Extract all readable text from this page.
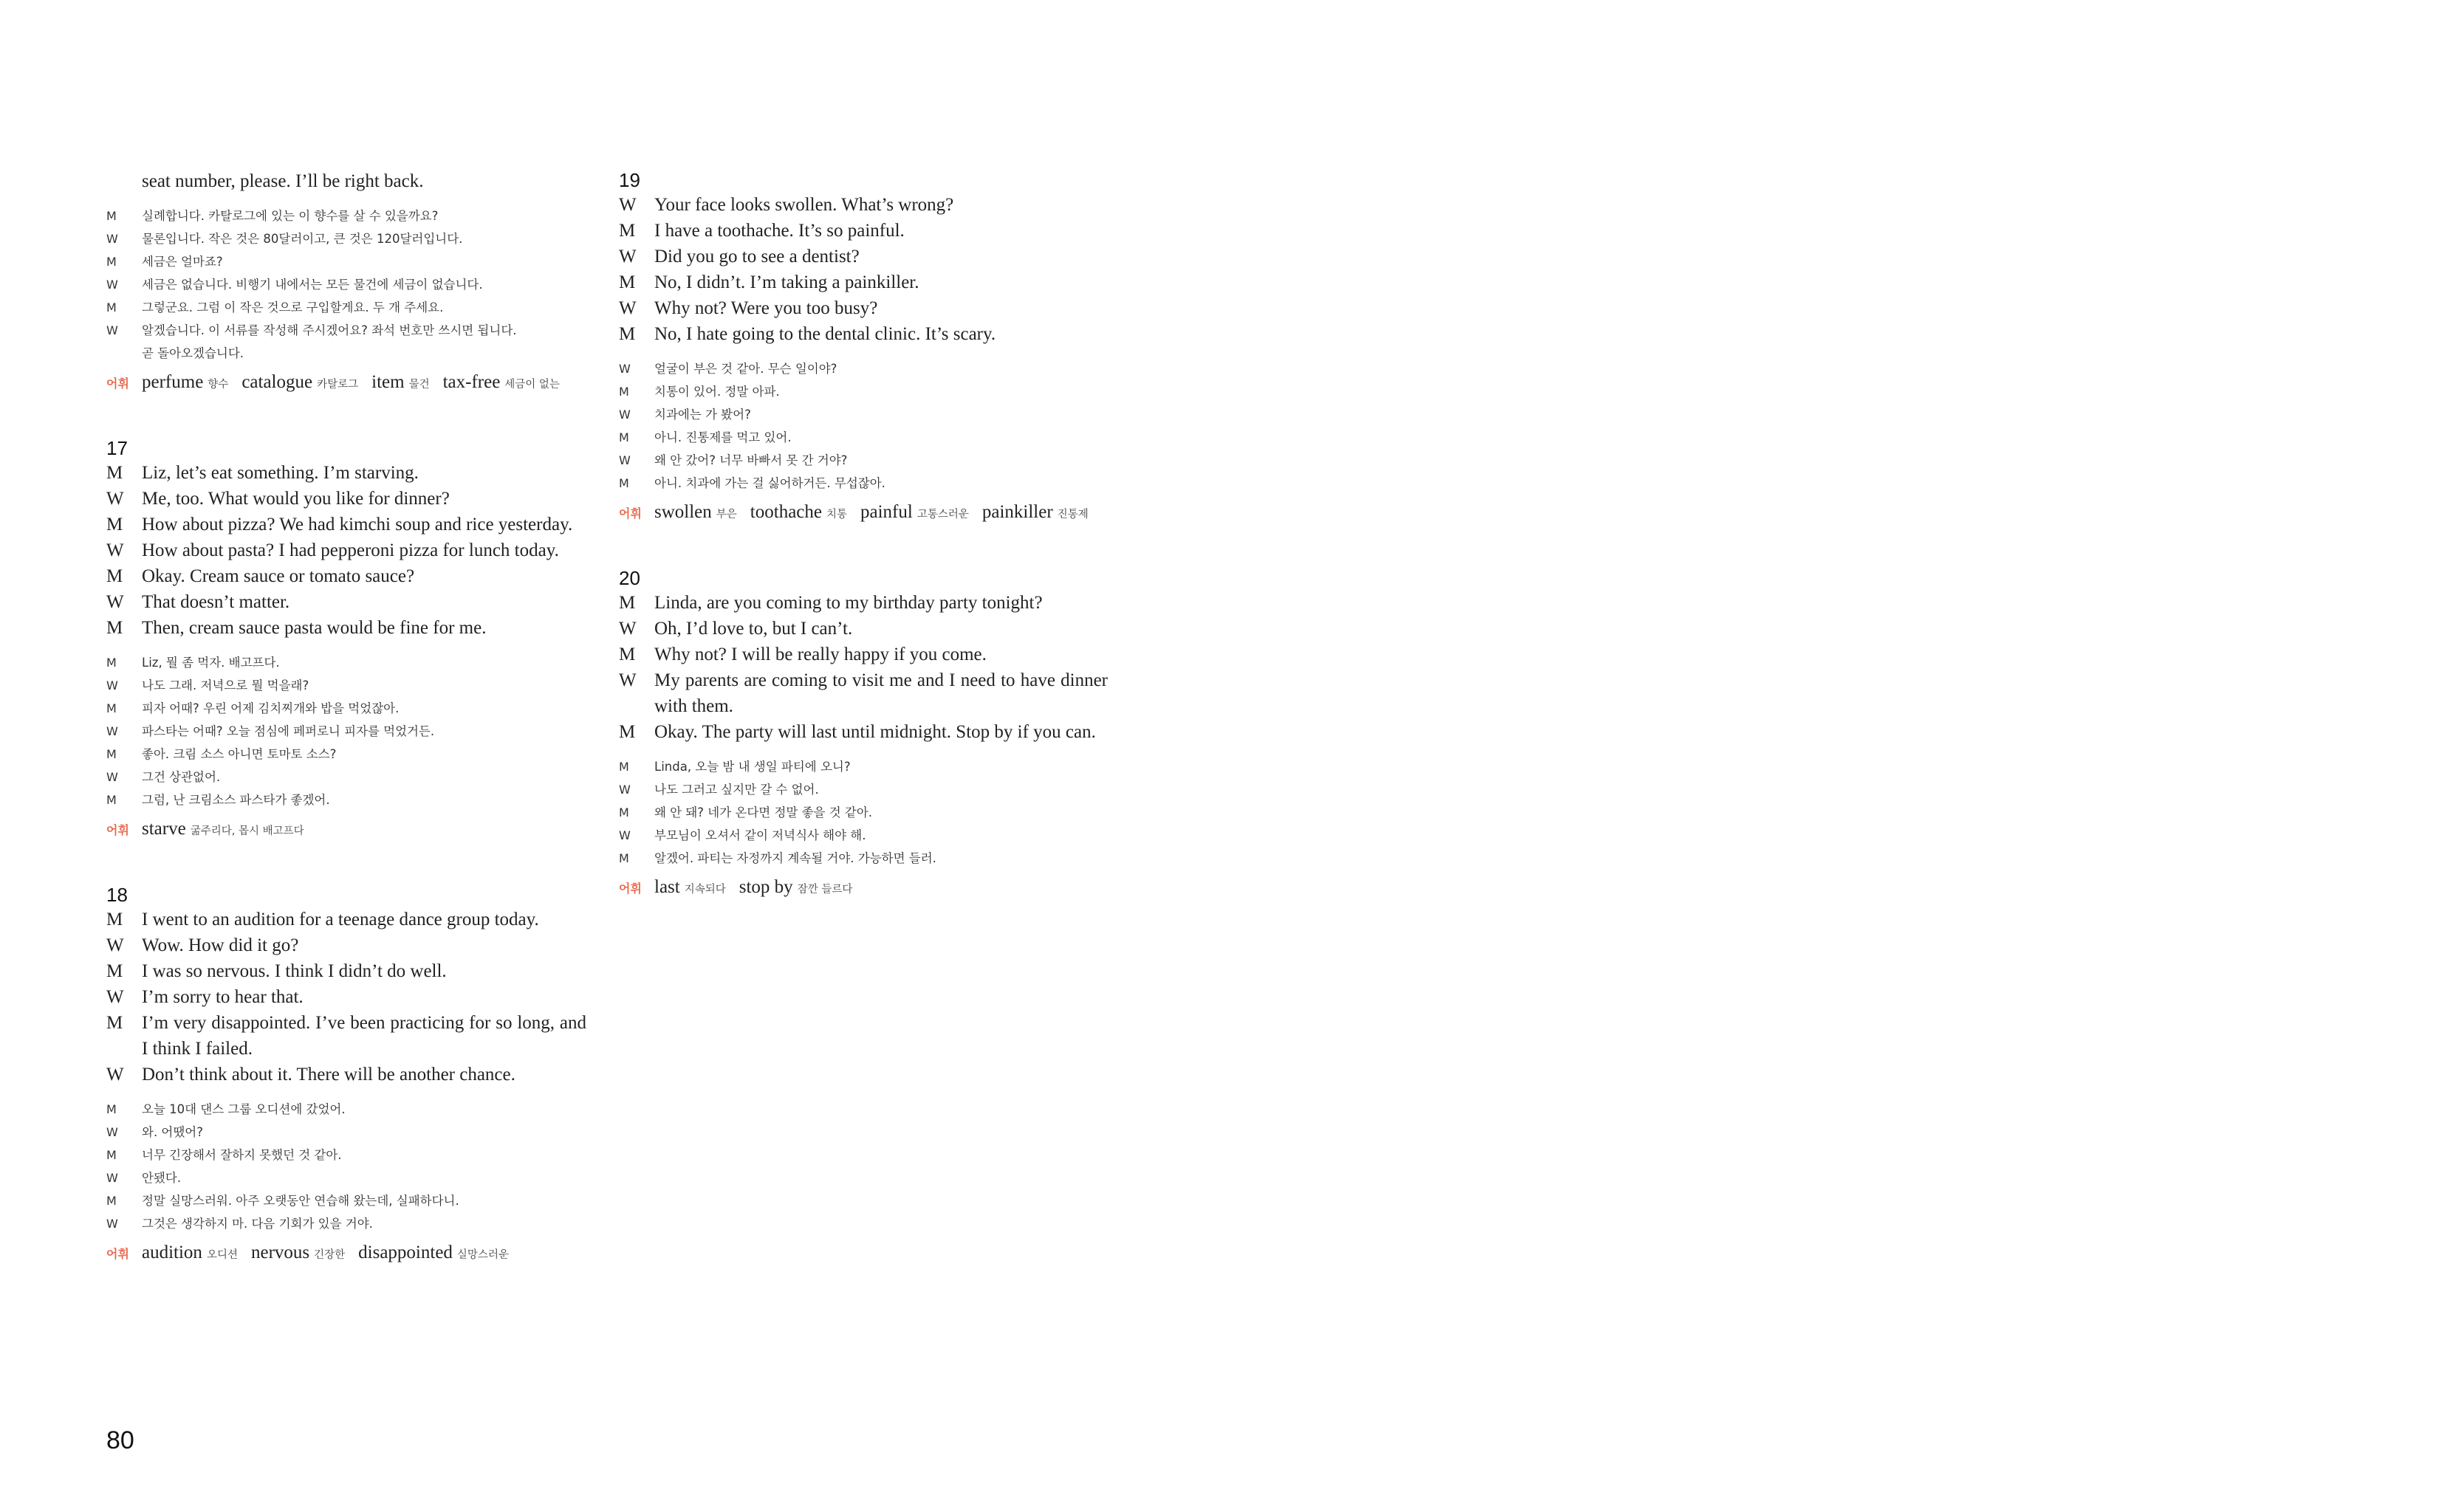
seat number, please. I’ll be right back.
M	실례합니다. 카탈로그에 있는 이 향수를 살 수 있을까요?
W	물론입니다. 작은 것은 80달러이고, 큰 것은 120달러입니다.
M	세금은 얼마죠?
W	세금은 없습니다. 비행기 내에서는 모든 물건에 세금이 없습니다.
M	그렇군요. 그럼 이 작은 것으로 구입할게요. 두 개 주세요.
W	알겠습니다. 이 서류를 작성해 주시겠어요? 좌석 번호만 쓰시면 됩니다.
곧 돌아오겠습니다.
어휘 perfume 향수 catalogue 카탈로그 item 물건 tax-free 세금이 없는
17
M	Liz, let’s eat something. I’m starving.
W Me, too. What would you like for dinner?
M	How about pizza? We had kimchi soup and rice yesterday.
W How about pasta? I had pepperoni pizza for lunch today.
M	Okay. Cream sauce or tomato sauce?
W That doesn’t matter.
M	Then, cream sauce pasta would be fine for me.
M	Liz, 뭘 좀 먹자. 배고프다.
W	나도 그래. 저녁으로 뭘 먹을래?
M	피자 어때? 우린 어제 김치찌개와 밥을 먹었잖아.
W	파스타는 어때? 오늘 점심에 페퍼로니 피자를 먹었거든.
M	좋아. 크림 소스 아니면 토마토 소스?
W	그건 상관없어.
M	그럼, 난 크림소스 파스타가 좋겠어.
어휘 starve 굶주리다, 몹시 배고프다
18
M	I went to an audition for a teenage dance group today.
W Wow. How did it go?
M	I was so nervous. I think I didn’t do well.
W I’m sorry to hear that.
M	I’m very disappointed. I’ve been practicing for so long, and I think I failed.
W Don’t think about it. There will be another chance.
M	오늘 10대 댄스 그룹 오디션에 갔었어.
W	와. 어땠어?
M	너무 긴장해서 잘하지 못했던 것 같아.
W	안됐다.
M	정말 실망스러워. 아주 오랫동안 연습해 왔는데, 실패하다니.
W	그것은 생각하지 마. 다음 기회가 있을 거야.
어휘 audition 오디션 nervous 긴장한 disappointed 실망스러운
19
W Your face looks swollen. What’s wrong?
M	I have a toothache. It’s so painful.
W Did you go to see a dentist?
M	No, I didn’t. I’m taking a painkiller.
W Why not? Were you too busy?
M	No, I hate going to the dental clinic. It’s scary.
W	얼굴이 부은 것 같아. 무슨 일이야?
M	치통이 있어. 정말 아파.
W	치과에는 가 봤어?
M	아니. 진통제를 먹고 있어.
W	왜 안 갔어? 너무 바빠서 못 간 거야?
M	아니. 치과에 가는 걸 싫어하거든. 무섭잖아.
어휘 swollen 부은 toothache 치통 painful 고통스러운 painkiller 진통제
20
M	Linda, are you coming to my birthday party tonight?
W Oh, I’d love to, but I can’t.
M	Why not? I will be really happy if you come.
W My parents are coming to visit me and I need to have dinner with them.
M	Okay. The party will last until midnight. Stop by if you can.
M	Linda, 오늘 밤 내 생일 파티에 오니?
W	나도 그러고 싶지만 갈 수 없어.
M	왜 안 돼? 네가 온다면 정말 좋을 것 같아.
W	부모님이 오셔서 같이 저녁식사 해야 해.
M	알겠어. 파티는 자정까지 계속될 거야. 가능하면 들러.
어휘 last 지속되다 stop by 잠깐 들르다
80
